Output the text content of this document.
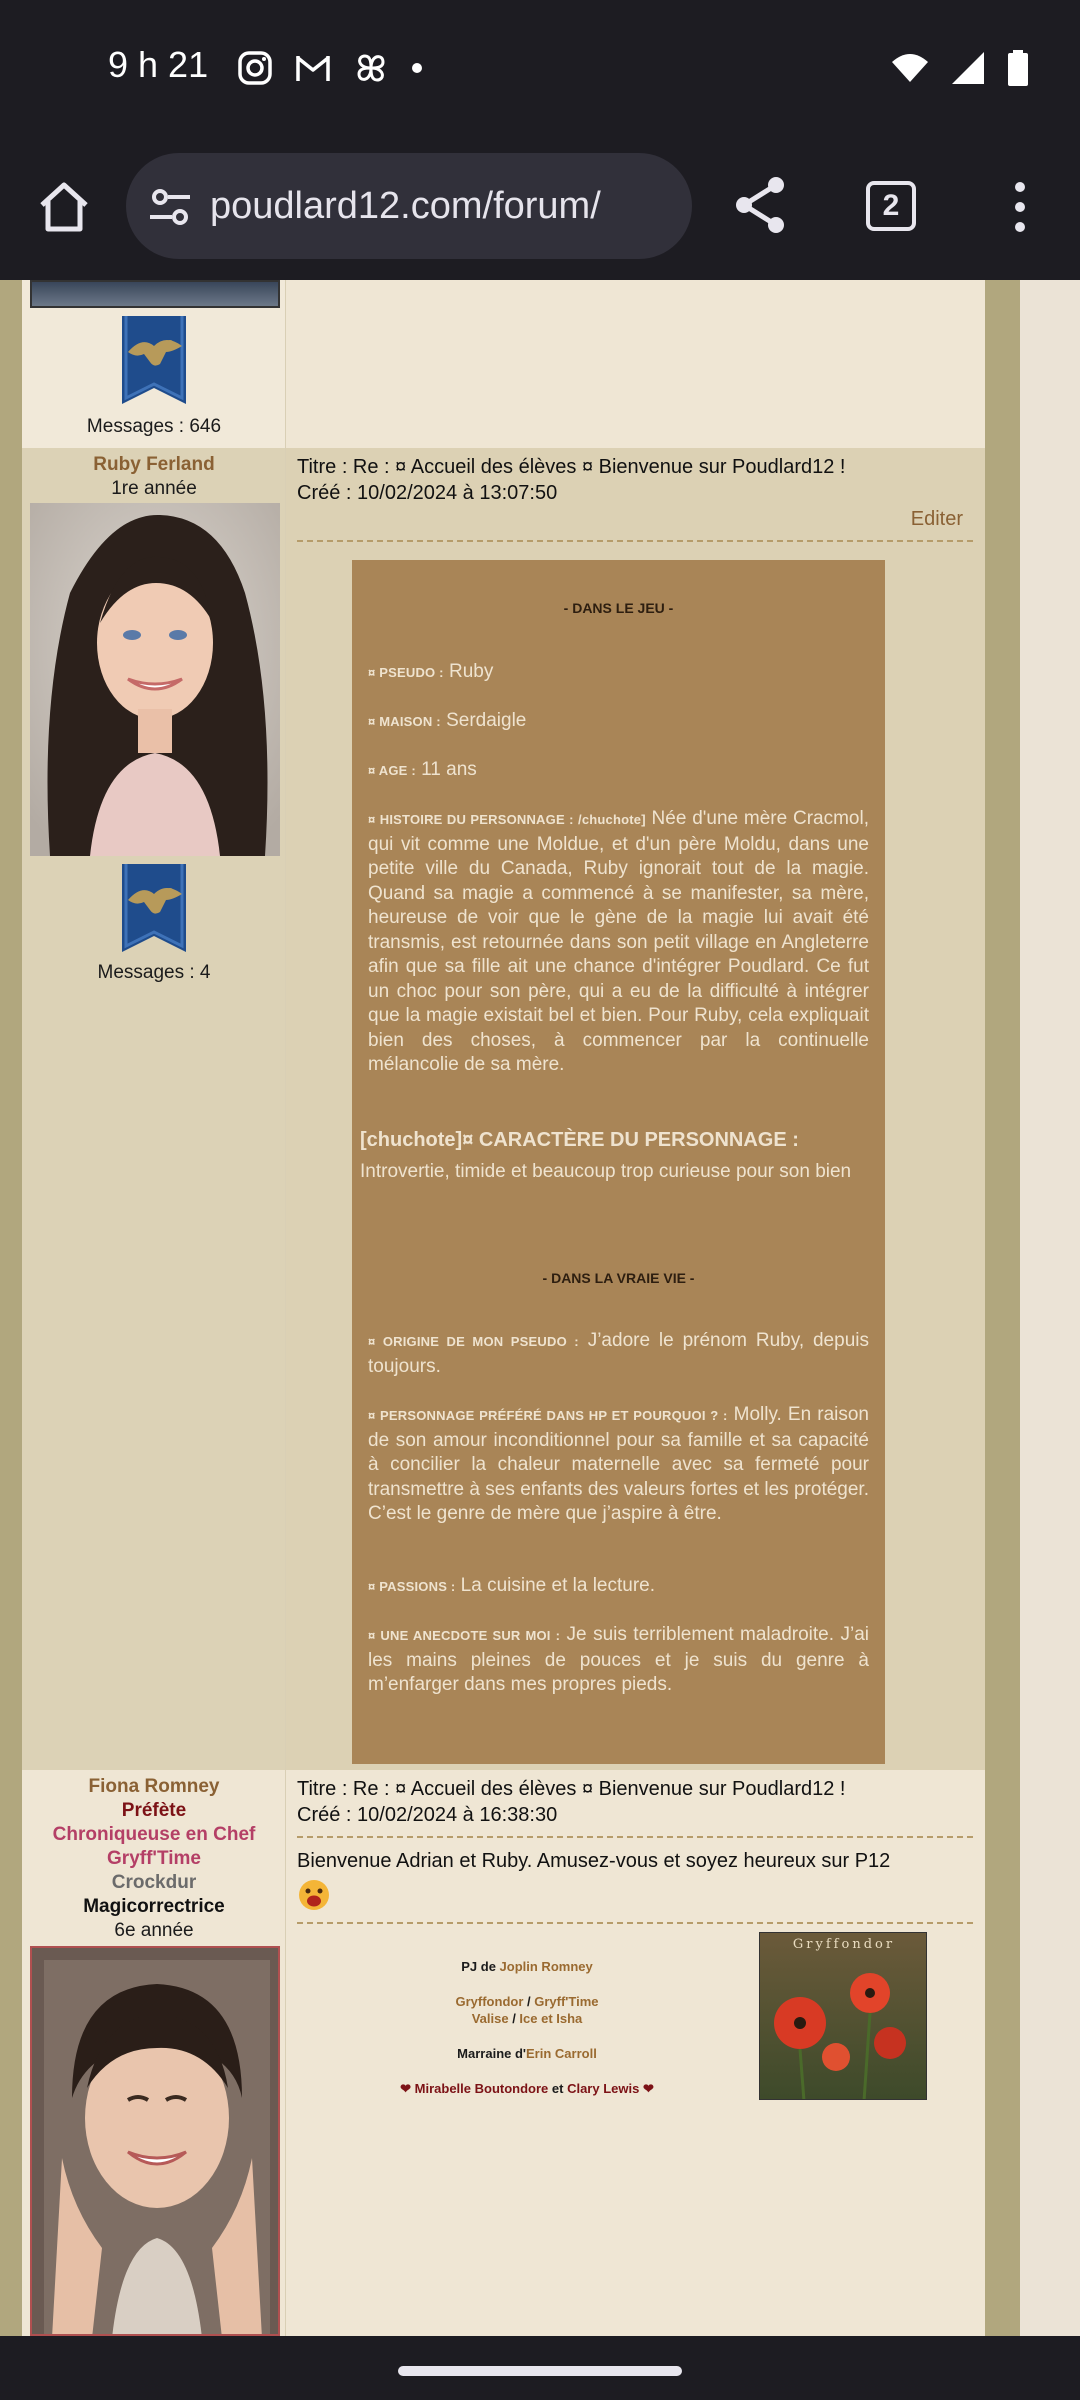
9 h 21
poudlard12.com/forum/	2
Messages : 646
Ruby Ferland
1re année
Messages : 4
Titre : Re : ¤ Accueil des élèves ¤ Bienvenue sur Poudlard12 !
Créé : 10/02/2024 à 13:07:50
Editer
- DANS LE JEU -
¤ PSEUDO : Ruby
¤ MAISON : Serdaigle
¤ AGE : 11 ans
¤ HISTOIRE DU PERSONNAGE : /chuchote] Née d'une mère Cracmol, qui vit comme une Moldue, et d'un père Moldu, dans une petite ville du Canada, Ruby ignorait tout de la magie. Quand sa magie a commencé à se manifester, sa mère, heureuse de voir que le gène de la magie lui avait été transmis, est retournée dans son petit village en Angleterre afin que sa fille ait une chance d'intégrer Poudlard. Ce fut un choc pour son père, qui a eu de la difficulté à intégrer que la magie existait bel et bien. Pour Ruby, cela expliquait bien des choses, à commencer par la continuelle mélancolie de sa mère.
[chuchote]¤ CARACTÈRE DU PERSONNAGE :
Introvertie, timide et beaucoup trop curieuse pour son bien
- DANS LA VRAIE VIE -
¤ ORIGINE DE MON PSEUDO : J’adore le prénom Ruby, depuis toujours.
¤ PERSONNAGE PRÉFÉRÉ DANS HP ET POURQUOI ? : Molly. En raison de son amour inconditionnel pour sa famille et sa capacité à concilier la chaleur maternelle avec sa fermeté pour transmettre à ses enfants des valeurs fortes et les protéger. C’est le genre de mère que j’aspire à être.
¤ PASSIONS : La cuisine et la lecture.
¤ UNE ANECDOTE SUR MOI : Je suis terriblement maladroite. J’ai les mains pleines de pouces et je suis du genre à m’enfarger dans mes propres pieds.
Fiona Romney
Préfète
Chroniqueuse en Chef
Gryff'Time
Crockdur
Magicorrectrice
6e année
Titre : Re : ¤ Accueil des élèves ¤ Bienvenue sur Poudlard12 !
Créé : 10/02/2024 à 16:38:30
Bienvenue Adrian et Ruby. Amusez-vous et soyez heureux sur P12
PJ de Joplin Romney
Gryffondor / Gryff'Time
Valise / Ice et Isha
Marraine d'Erin Carroll
❤ Mirabelle Boutondore et Clary Lewis ❤
Gryffondor
